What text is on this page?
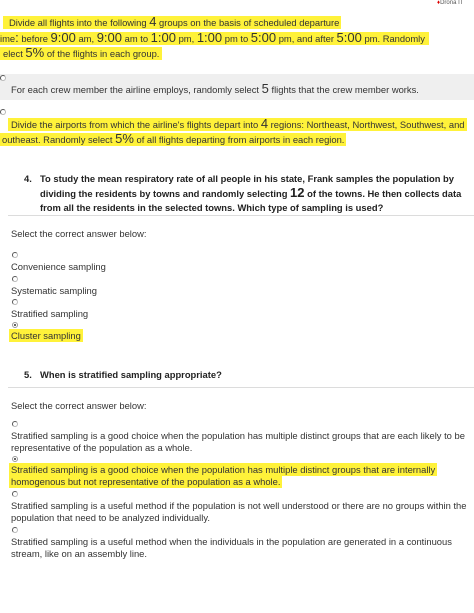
♦Drona IT
Divide all flights into the following 4 groups on the basis of scheduled departure
ime: before 9:00 am, 9:00 am to 1:00 pm, 1:00 pm to 5:00 pm, and after 5:00 pm. Randomly
elect 5% of the flights in each group.
For each crew member the airline employs, randomly select 5 flights that the crew member works.
Divide the airports from which the airline's flights depart into 4 regions: Northeast, Northwest, Southwest, and
outheast. Randomly select 5% of all flights departing from airports in each region.
4. To study the mean respiratory rate of all people in his state, Frank samples the population by
dividing the residents by towns and randomly selecting 12 of the towns. He then collects data
from all the residents in the selected towns. Which type of sampling is used?
Select the correct answer below:
Convenience sampling
Systematic sampling
Stratified sampling
Cluster sampling
5. When is stratified sampling appropriate?
Select the correct answer below:
Stratified sampling is a good choice when the population has multiple distinct groups that are each likely to be
representative of the population as a whole.
Stratified sampling is a good choice when the population has multiple distinct groups that are internally
homogenous but not representative of the population as a whole.
Stratified sampling is a useful method if the population is not well understood or there are no groups within the
population that need to be analyzed individually.
Stratified sampling is a useful method when the individuals in the population are generated in a continuous
stream, like on an assembly line.
